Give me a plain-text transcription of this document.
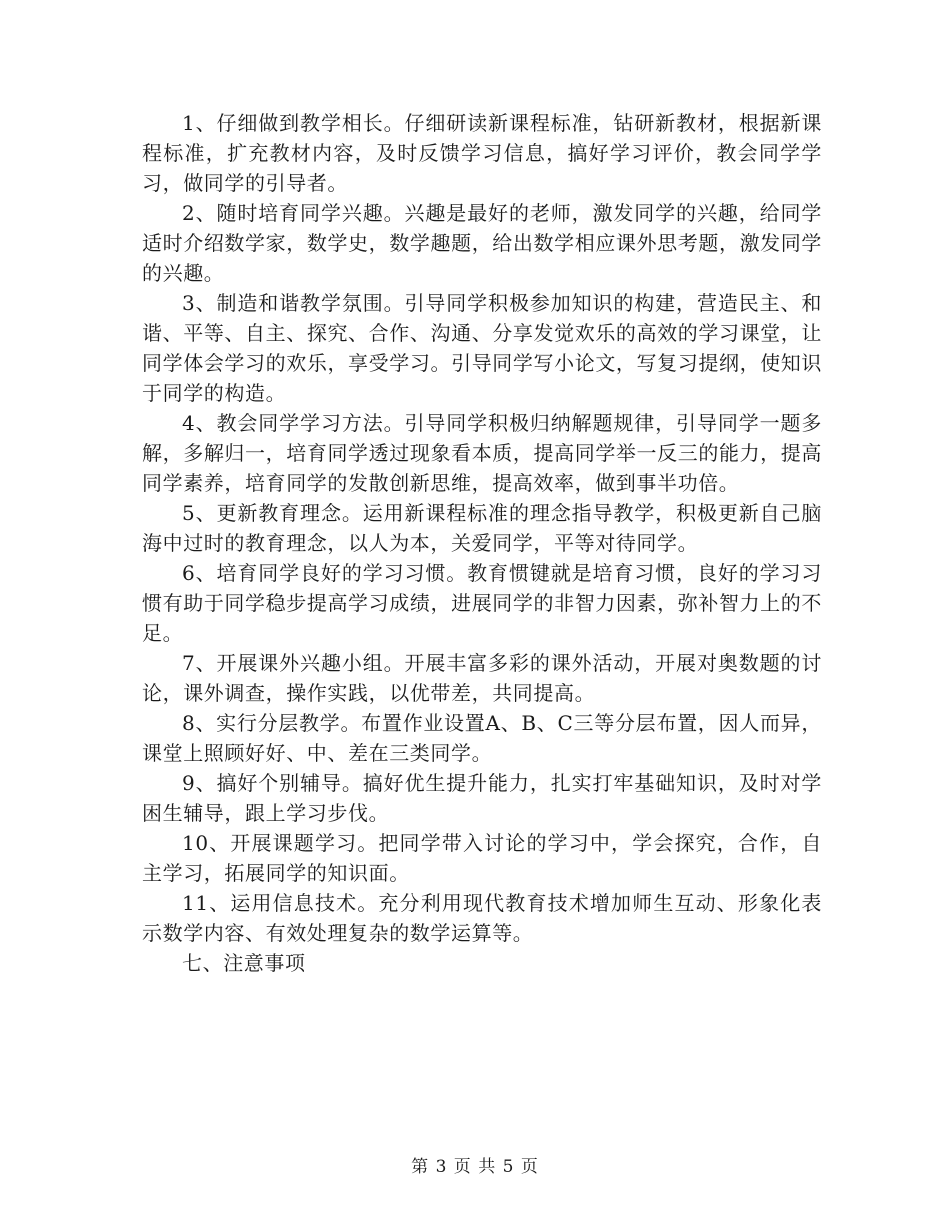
1、仔细做到教学相长。仔细研读新课程标准，钻研新教材，根据新课程标准，扩充教材内容，及时反馈学习信息，搞好学习评价，教会同学学习，做同学的引导者。

2、随时培育同学兴趣。兴趣是最好的老师，激发同学的兴趣，给同学适时介绍数学家，数学史，数学趣题，给出数学相应课外思考题，激发同学的兴趣。

3、制造和谐教学氛围。引导同学积极参加知识的构建，营造民主、和谐、平等、自主、探究、合作、沟通、分享发觉欢乐的高效的学习课堂，让同学体会学习的欢乐，享受学习。引导同学写小论文，写复习提纲，使知识于同学的构造。

4、教会同学学习方法。引导同学积极归纳解题规律，引导同学一题多解，多解归一，培育同学透过现象看本质，提高同学举一反三的能力，提高同学素养，培育同学的发散创新思维，提高效率，做到事半功倍。

5、更新教育理念。运用新课程标准的理念指导教学，积极更新自己脑海中过时的教育理念，以人为本，关爱同学，平等对待同学。

6、培育同学良好的学习习惯。教育惯键就是培育习惯，良好的学习习惯有助于同学稳步提高学习成绩，进展同学的非智力因素，弥补智力上的不足。

7、开展课外兴趣小组。开展丰富多彩的课外活动，开展对奥数题的讨论，课外调查，操作实践，以优带差，共同提高。

8、实行分层教学。布置作业设置A、B、C三等分层布置，因人而异，课堂上照顾好好、中、差在三类同学。

9、搞好个别辅导。搞好优生提升能力，扎实打牢基础知识，及时对学困生辅导，跟上学习步伐。

10、开展课题学习。把同学带入讨论的学习中，学会探究，合作，自主学习，拓展同学的知识面。

11、运用信息技术。充分利用现代教育技术增加师生互动、形象化表示数学内容、有效处理复杂的数学运算等。

七、注意事项

第 3 页 共 5 页
